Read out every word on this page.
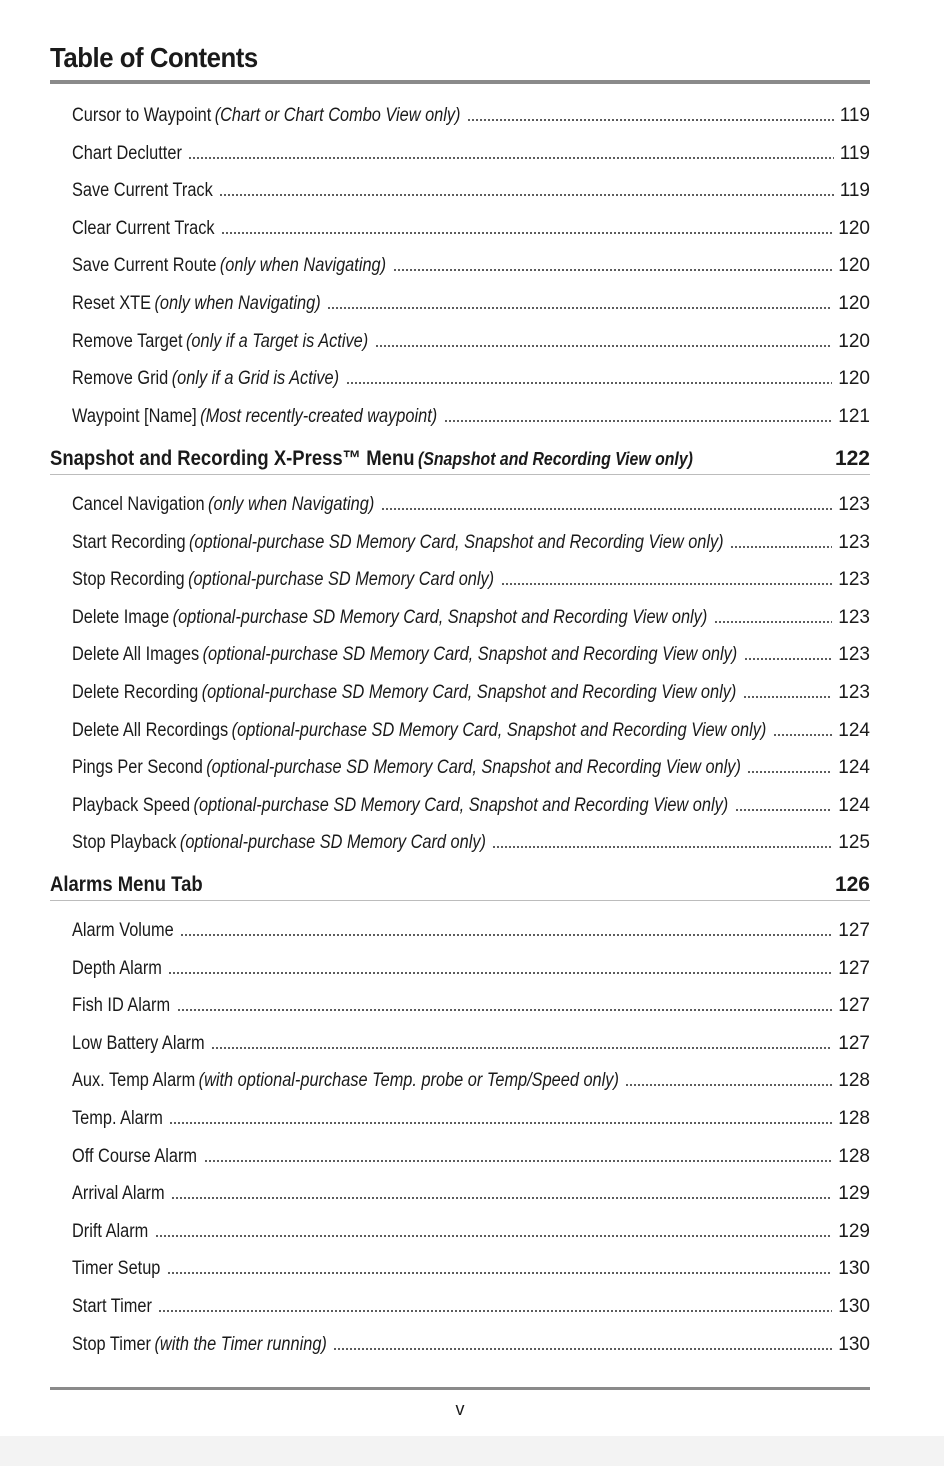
Table of Contents
Cursor to Waypoint (Chart or Chart Combo View only)	119
Chart Declutter	119
Save Current Track	119
Clear Current Track	120
Save Current Route (only when Navigating)	120
Reset XTE (only when Navigating)	120
Remove Target (only if a Target is Active)	120
Remove Grid (only if a Grid is Active)	120
Waypoint [Name] (Most recently-created waypoint)	121
Snapshot and Recording X-Press™ Menu (Snapshot and Recording View only)	122
Cancel Navigation (only when Navigating)	123
Start Recording (optional-purchase SD Memory Card, Snapshot and Recording View only)	123
Stop Recording (optional-purchase SD Memory Card only)	123
Delete Image (optional-purchase SD Memory Card, Snapshot and Recording View only)	123
Delete All Images (optional-purchase SD Memory Card, Snapshot and Recording View only)	123
Delete Recording (optional-purchase SD Memory Card, Snapshot and Recording View only)	123
Delete All Recordings (optional-purchase SD Memory Card, Snapshot and Recording View only)	124
Pings Per Second (optional-purchase SD Memory Card, Snapshot and Recording View only)	124
Playback Speed (optional-purchase SD Memory Card, Snapshot and Recording View only)	124
Stop Playback (optional-purchase SD Memory Card only)	125
Alarms Menu Tab	126
Alarm Volume	127
Depth Alarm	127
Fish ID Alarm	127
Low Battery Alarm	127
Aux. Temp Alarm (with optional-purchase Temp. probe or Temp/Speed only)	128
Temp. Alarm	128
Off Course Alarm	128
Arrival Alarm	129
Drift Alarm	129
Timer Setup	130
Start Timer	130
Stop Timer (with the Timer running)	130
v
